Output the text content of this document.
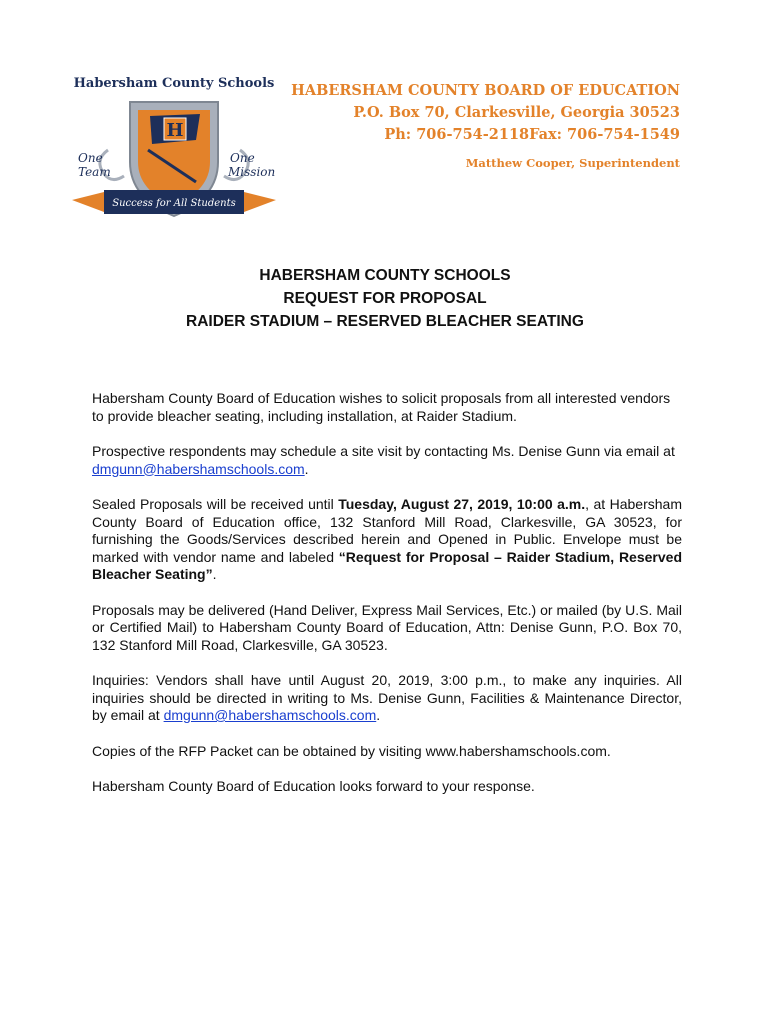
Habersham County Schools
H
One
Team
One
Mission
Success for All Students
HABERSHAM COUNTY BOARD OF EDUCATION
P.O. Box 70, Clarkesville, Georgia 30523
Ph: 706-754-2118Fax: 706-754-1549
Matthew Cooper, Superintendent
HABERSHAM COUNTY SCHOOLS
REQUEST FOR PROPOSAL
RAIDER STADIUM – RESERVED BLEACHER SEATING

Habersham County Board of Education wishes to solicit proposals from all interested vendors to provide bleacher seating, including installation, at Raider Stadium.

Prospective respondents may schedule a site visit by contacting Ms. Denise Gunn via email at dmgunn@habershamschools.com.

Sealed Proposals will be received until Tuesday, August 27, 2019, 10:00 a.m., at Habersham County Board of Education office, 132 Stanford Mill Road, Clarkesville, GA 30523, for furnishing the Goods/Services described herein and Opened in Public. Envelope must be marked with vendor name and labeled “Request for Proposal – Raider Stadium, Reserved Bleacher Seating”.

Proposals may be delivered (Hand Deliver, Express Mail Services, Etc.) or mailed (by U.S. Mail or Certified Mail) to Habersham County Board of Education, Attn: Denise Gunn, P.O. Box 70, 132 Stanford Mill Road, Clarkesville, GA 30523.

Inquiries: Vendors shall have until August 20, 2019, 3:00 p.m., to make any inquiries. All inquiries should be directed in writing to Ms. Denise Gunn, Facilities & Maintenance Director, by email at dmgunn@habershamschools.com.

Copies of the RFP Packet can be obtained by visiting www.habershamschools.com.

Habersham County Board of Education looks forward to your response.
